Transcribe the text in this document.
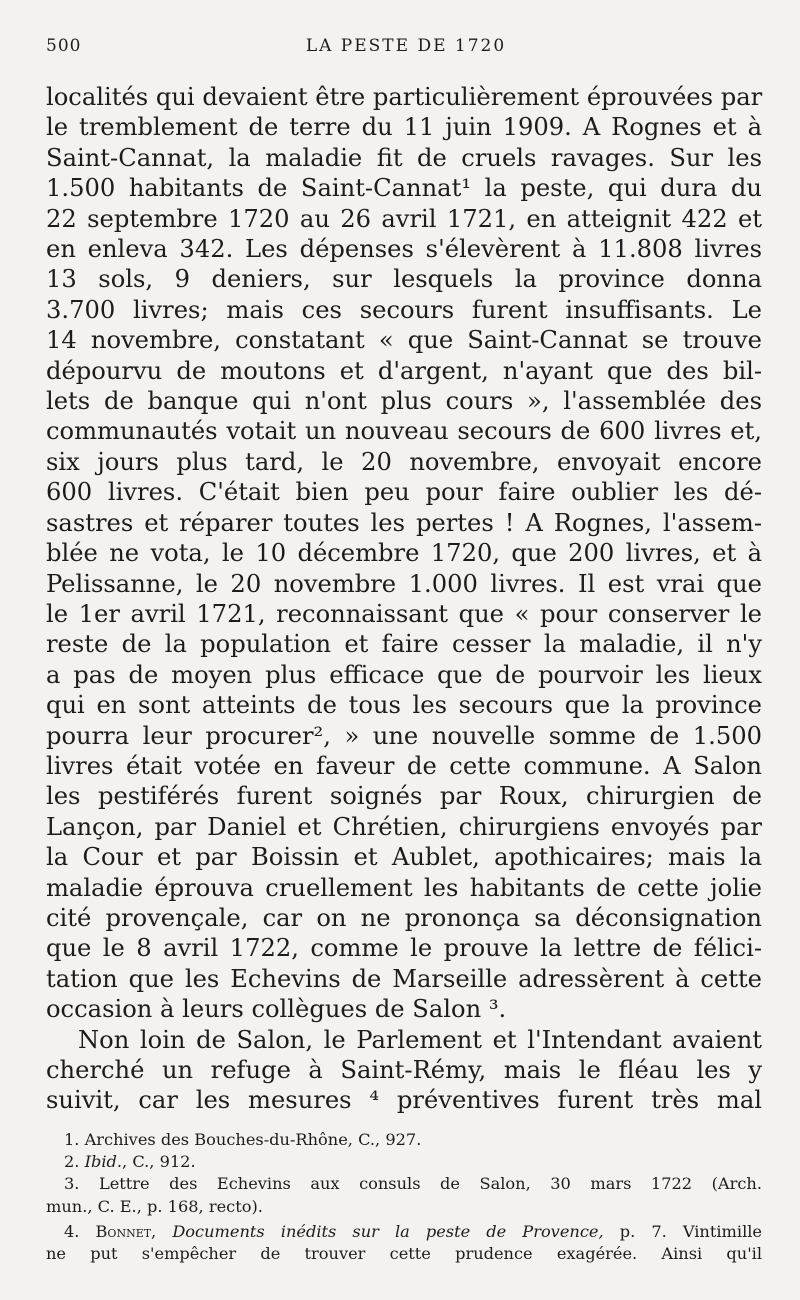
500	LA PESTE DE 1720
localités qui devaient être particulièrement éprouvées par
le tremblement de terre du 11 juin 1909. A Rognes et à
Saint-Cannat, la maladie fit de cruels ravages. Sur les
1.500 habitants de Saint-Cannat¹ la peste, qui dura du
22 septembre 1720 au 26 avril 1721, en atteignit 422 et
en enleva 342. Les dépenses s'élevèrent à 11.808 livres
13 sols, 9 deniers, sur lesquels la province donna
3.700 livres; mais ces secours furent insuffisants. Le
14 novembre, constatant « que Saint-Cannat se trouve
dépourvu de moutons et d'argent, n'ayant que des bil-
lets de banque qui n'ont plus cours », l'assemblée des
communautés votait un nouveau secours de 600 livres et,
six jours plus tard, le 20 novembre, envoyait encore
600 livres. C'était bien peu pour faire oublier les dé-
sastres et réparer toutes les pertes ! A Rognes, l'assem-
blée ne vota, le 10 décembre 1720, que 200 livres, et à
Pelissanne, le 20 novembre 1.000 livres. Il est vrai que
le 1er avril 1721, reconnaissant que « pour conserver le
reste de la population et faire cesser la maladie, il n'y
a pas de moyen plus efficace que de pourvoir les lieux
qui en sont atteints de tous les secours que la province
pourra leur procurer², » une nouvelle somme de 1.500
livres était votée en faveur de cette commune. A Salon
les pestiférés furent soignés par Roux, chirurgien de
Lançon, par Daniel et Chrétien, chirurgiens envoyés par
la Cour et par Boissin et Aublet, apothicaires; mais la
maladie éprouva cruellement les habitants de cette jolie
cité provençale, car on ne prononça sa déconsignation
que le 8 avril 1722, comme le prouve la lettre de félici-
tation que les Echevins de Marseille adressèrent à cette
occasion à leurs collègues de Salon ³.
Non loin de Salon, le Parlement et l'Intendant avaient
cherché un refuge à Saint-Rémy, mais le fléau les y
suivit, car les mesures ⁴ préventives furent très mal
1. Archives des Bouches-du-Rhône, C., 927.
2. Ibid., C., 912.
3. Lettre des Echevins aux consuls de Salon, 30 mars 1722 (Arch.
mun., C. E., p. 168, recto).
4. Bonnet, Documents inédits sur la peste de Provence, p. 7. Vintimille
ne put s'empêcher de trouver cette prudence exagérée. Ainsi qu'il
